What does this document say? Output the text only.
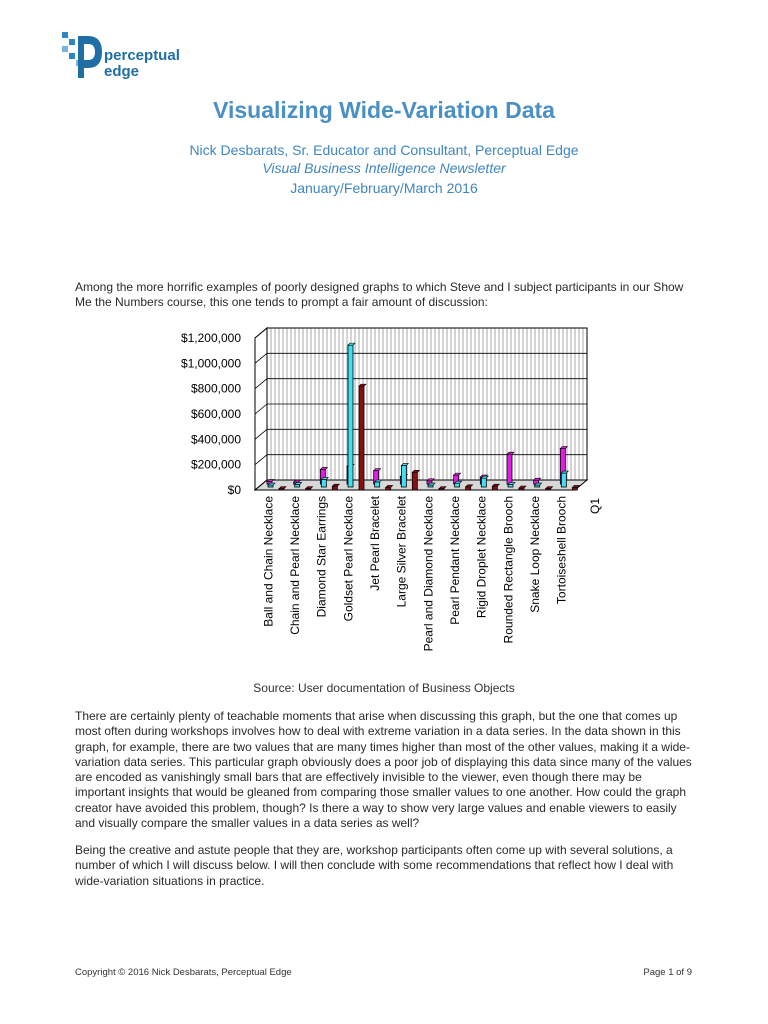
perceptual
edge
Visualizing Wide-Variation Data
Nick Desbarats, Sr. Educator and Consultant, Perceptual Edge
Visual Business Intelligence Newsletter
January/February/March 2016
Among the more horrific examples of poorly designed graphs to which Steve and I subject participants in our Show Me the Numbers course, this one tends to prompt a fair amount of discussion:
$0
$200,000
$400,000
$600,000
$800,000
$1,000,000
$1,200,000
Ball and Chain Necklace Chain and Pearl Necklace Diamond Star Earrings Goldset Pearl Necklace Jet Pearl Bracelet Large Silver Bracelet Pearl and Diamond Necklace Pearl Pendant Necklace Rigid Droplet Necklace Rounded Rectangle Brooch Snake Loop Necklace Tortoiseshell Brooch Q1
Source: User documentation of Business Objects
There are certainly plenty of teachable moments that arise when discussing this graph, but the one that comes up most often during workshops involves how to deal with extreme variation in a data series. In the data shown in this graph, for example, there are two values that are many times higher than most of the other values, making it a wide-variation data series. This particular graph obviously does a poor job of displaying this data since many of the values are encoded as vanishingly small bars that are effectively invisible to the viewer, even though there may be important insights that would be gleaned from comparing those smaller values to one another. How could the graph creator have avoided this problem, though? Is there a way to show very large values and enable viewers to easily and visually compare the smaller values in a data series as well?
Being the creative and astute people that they are, workshop participants often come up with several solutions, a number of which I will discuss below. I will then conclude with some recommendations that reflect how I deal with wide-variation situations in practice.
Copyright © 2016 Nick Desbarats, Perceptual Edge	Page 1 of 9
